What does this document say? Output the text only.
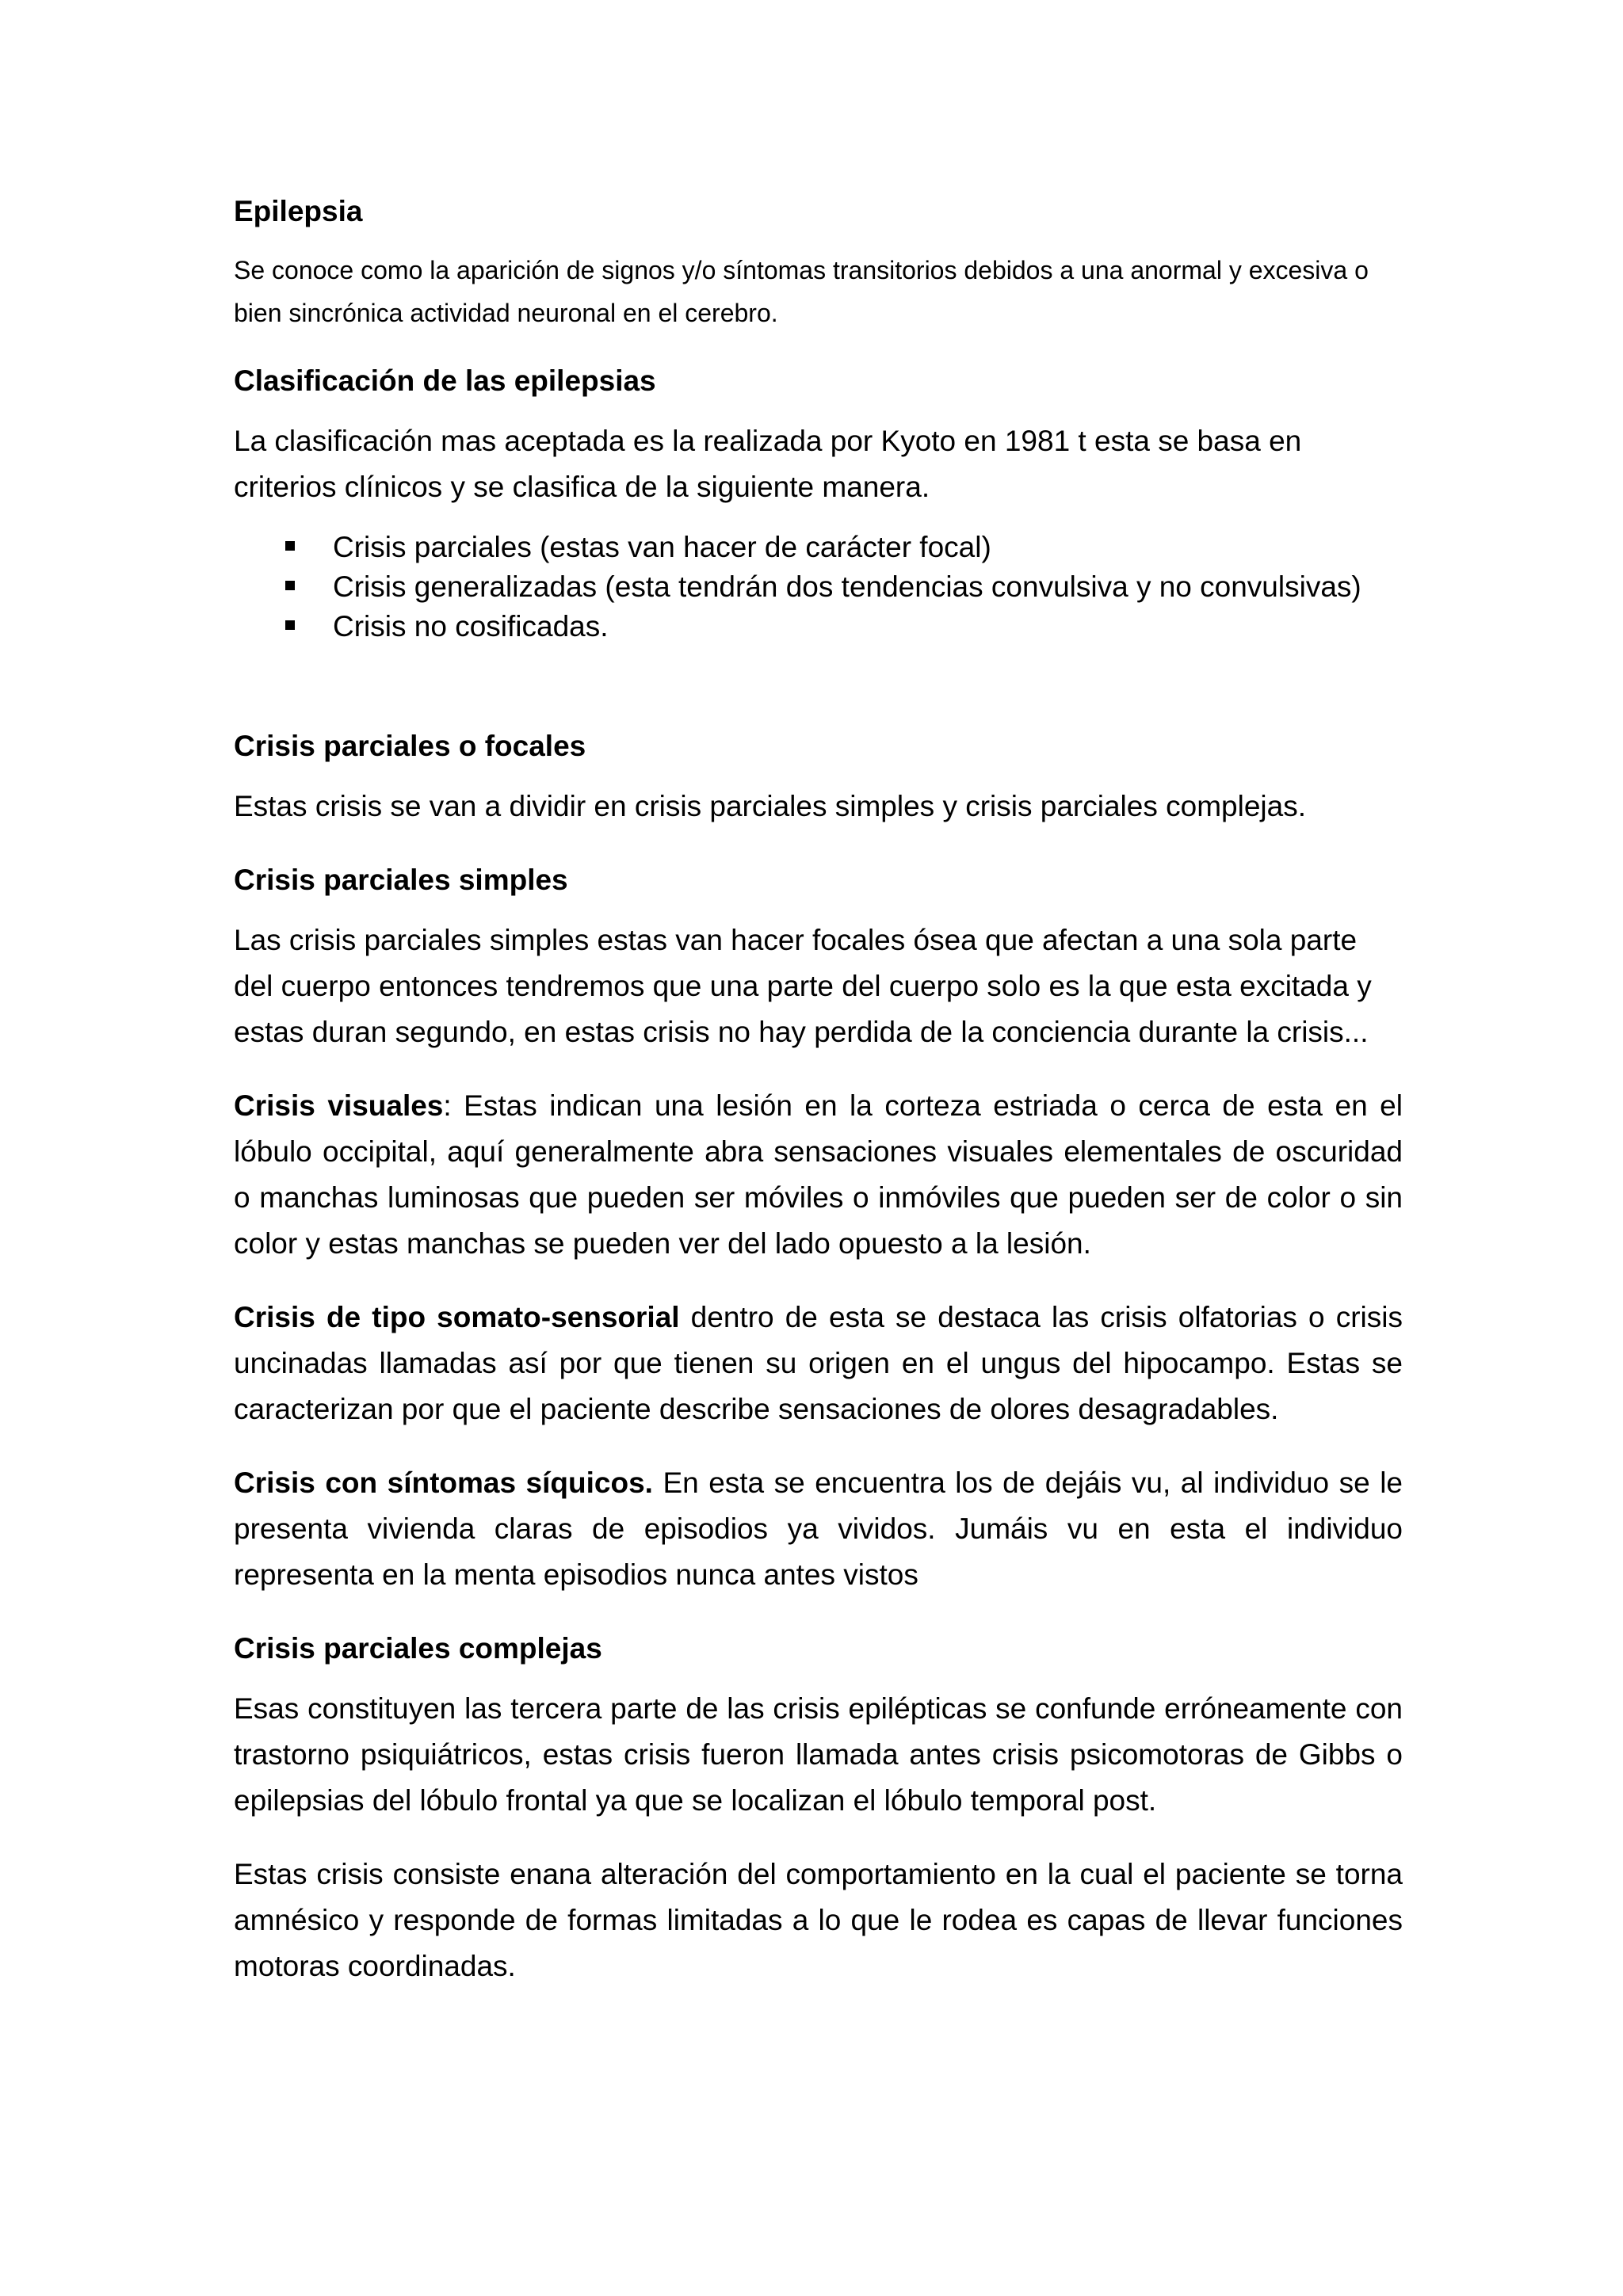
Epilepsia
Se conoce como la aparición de signos y/o síntomas transitorios debidos a una anormal y excesiva o bien sincrónica actividad neuronal en el cerebro.
Clasificación de las epilepsias
La clasificación mas aceptada es la realizada por Kyoto en 1981 t esta se basa en criterios clínicos y se clasifica de la siguiente manera.
Crisis parciales (estas van hacer de carácter focal)
Crisis generalizadas (esta tendrán dos tendencias convulsiva y no convulsivas)
Crisis no cosificadas.
Crisis parciales o focales
Estas crisis se van a dividir en crisis parciales simples y crisis parciales complejas.
Crisis parciales simples
Las crisis parciales simples estas van hacer focales ósea que afectan a una sola parte del cuerpo entonces tendremos que una parte del cuerpo solo es la que esta excitada y estas duran segundo, en estas crisis no hay perdida de la conciencia durante la crisis...
Crisis visuales: Estas indican una lesión en la corteza estriada o cerca de esta en el lóbulo occipital, aquí generalmente abra sensaciones visuales elementales de oscuridad o manchas luminosas que pueden ser móviles o inmóviles que pueden ser de color o sin color y estas manchas se pueden ver del lado opuesto a la lesión.
Crisis de tipo somato-sensorial dentro de esta se destaca las crisis olfatorias o crisis uncinadas llamadas así por que tienen su origen en el ungus del hipocampo. Estas se caracterizan por que el paciente describe sensaciones de olores desagradables.
Crisis con síntomas síquicos. En esta se encuentra los de dejáis vu, al individuo se le presenta vivienda claras de episodios ya vividos. Jumáis vu en esta el individuo representa en la menta episodios nunca antes vistos
Crisis parciales complejas
Esas constituyen las tercera parte de las crisis epilépticas se confunde erróneamente con trastorno psiquiátricos, estas crisis fueron llamada antes crisis psicomotoras de Gibbs o epilepsias del lóbulo frontal ya que se localizan el lóbulo temporal post.
Estas crisis consiste enana alteración del comportamiento en la cual el paciente se torna amnésico y responde de formas limitadas a lo que le rodea es capas de llevar funciones motoras coordinadas.
